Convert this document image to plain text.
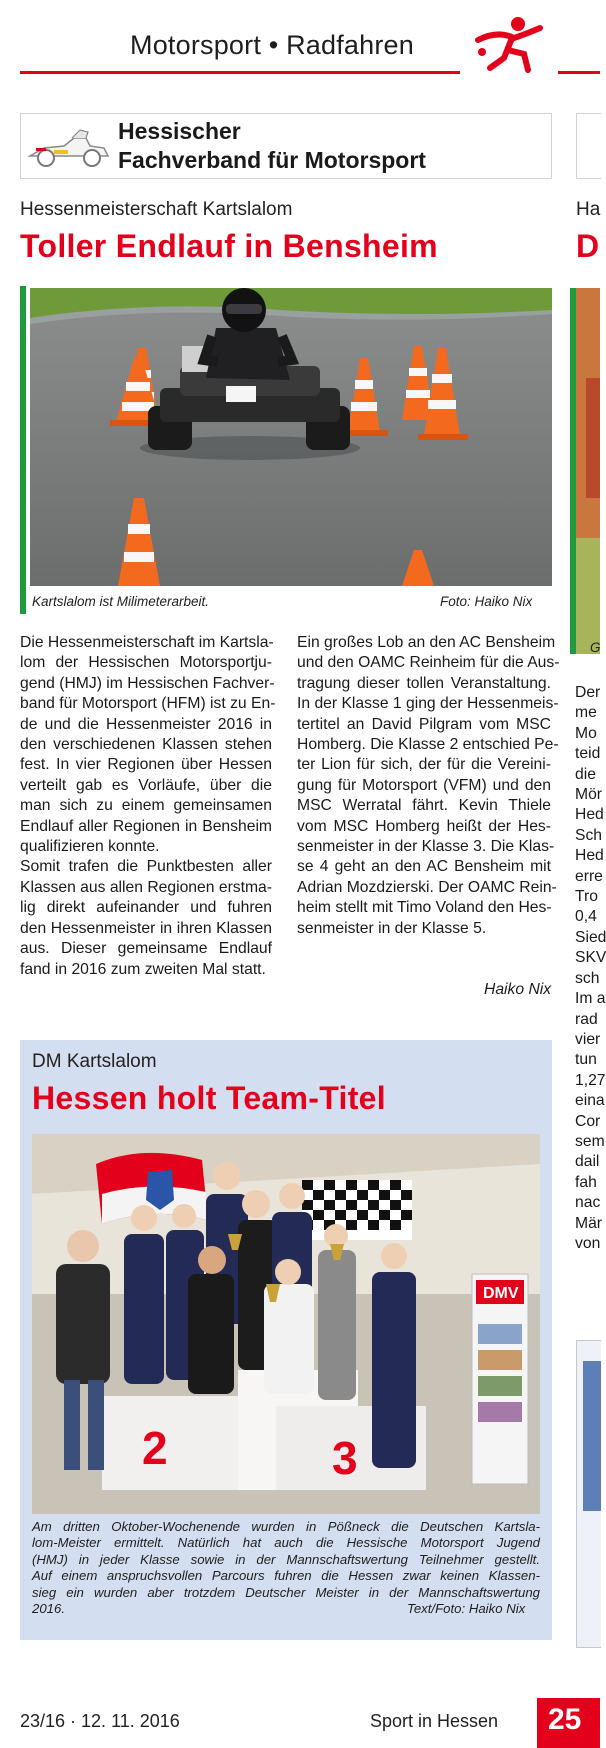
Motorsport • Radfahren
Hessischer
Fachverband für Motorsport
Hessenmeisterschaft Kartslalom
Toller Endlauf in Bensheim
Kartslalom ist Milimeterarbeit.	Foto: Haiko Nix
Die Hessenmeisterschaft im Kartsla-
lom der Hessischen Motorsportju-
gend (HMJ) im Hessischen Fachver-
band für Motorsport (HFM) ist zu En-
de und die Hessenmeister 2016 in
den verschiedenen Klassen stehen
fest. In vier Regionen über Hessen
verteilt gab es Vorläufe, über die
man sich zu einem gemeinsamen
Endlauf aller Regionen in Bensheim
qualifizieren konnte.
Somit trafen die Punktbesten aller
Klassen aus allen Regionen erstma-
lig direkt aufeinander und fuhren
den Hessenmeister in ihren Klassen
aus. Dieser gemeinsame Endlauf
fand in 2016 zum zweiten Mal statt.
Ein großes Lob an den AC Bensheim
und den OAMC Reinheim für die Aus-
tragung dieser tollen Veranstaltung.
In der Klasse 1 ging der Hessenmeis-
tertitel an David Pilgram vom MSC
Homberg. Die Klasse 2 entschied Pe-
ter Lion für sich, der für die Vereini-
gung für Motorsport (VFM) und den
MSC Werratal fährt. Kevin Thiele
vom MSC Homberg heißt der Hes-
senmeister in der Klasse 3. Die Klas-
se 4 geht an den AC Bensheim mit
Adrian Mozdzierski. Der OAMC Rein-
heim stellt mit Timo Voland den Hes-
senmeister in der Klasse 5.
Haiko Nix
DM Kartslalom
Hessen holt Team-Titel
DMV
2	3
Am dritten Oktober-Wochenende wurden in Pößneck die Deutschen Kartsla-
lom-Meister ermittelt. Natürlich hat auch die Hessische Motorsport Jugend
(HMJ) in jeder Klasse sowie in der Mannschaftswertung Teilnehmer gestellt.
Auf einem anspruchsvollen Parcours fuhren die Hessen zwar keinen Klassen-
sieg ein wurden aber trotzdem Deutscher Meister in der Mannschaftswertung
2016.	Text/Foto: Haiko Nix
Ha
D
G
Der
me
Mo
teid
die
Mör
Hed
Sch
Hed
erre
Tro
0,4
Sied
SKV
sch
Im a
rad
vier
tun
1,27
eina
Cor
sem
dail
fah
nac
Mär
von
23/16 · 12. 11. 2016	Sport in Hessen 25
